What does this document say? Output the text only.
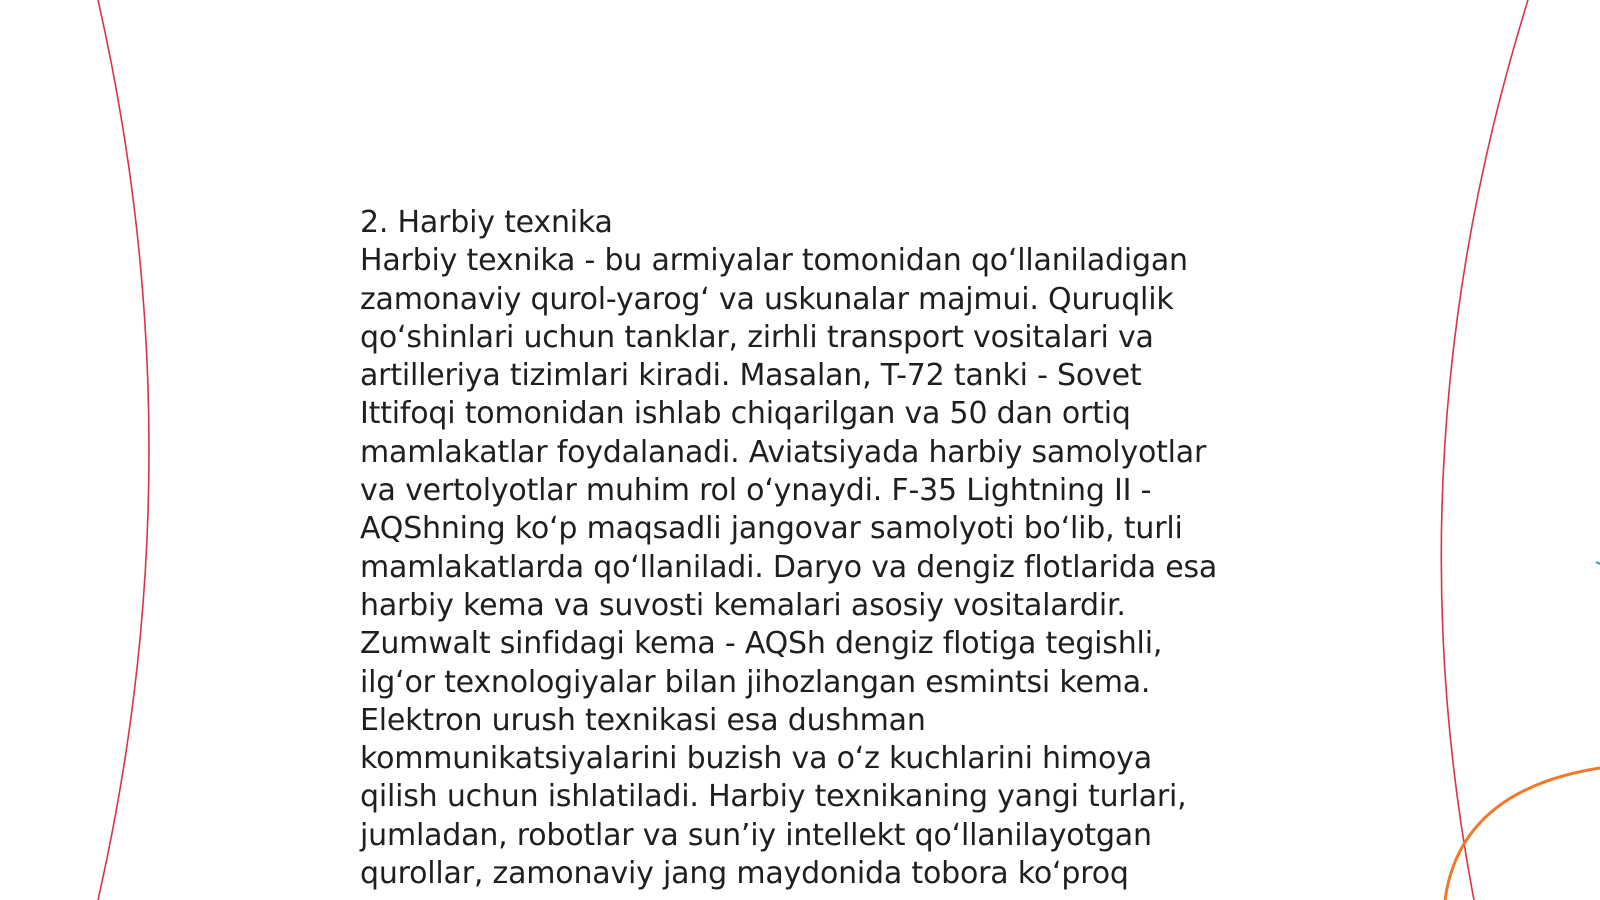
2. Harbiy texnika
Harbiy texnika - bu armiyalar tomonidan qoʻllaniladigan
zamonaviy qurol-yarogʻ va uskunalar majmui. Quruqlik
qoʻshinlari uchun tanklar, zirhli transport vositalari va
artilleriya tizimlari kiradi. Masalan, T-72 tanki - Sovet
Ittifoqi tomonidan ishlab chiqarilgan va 50 dan ortiq
mamlakatlar foydalanadi. Aviatsiyada harbiy samolyotlar
va vertolyotlar muhim rol oʻynaydi. F-35 Lightning II -
AQShning koʻp maqsadli jangovar samolyoti boʻlib, turli
mamlakatlarda qoʻllaniladi. Daryo va dengiz flotlarida esa
harbiy kema va suvosti kemalari asosiy vositalardir.
Zumwalt sinfidagi kema - AQSh dengiz flotiga tegishli,
ilgʻor texnologiyalar bilan jihozlangan esmintsi kema.
Elektron urush texnikasi esa dushman
kommunikatsiyalarini buzish va oʻz kuchlarini himoya
qilish uchun ishlatiladi. Harbiy texnikaning yangi turlari,
jumladan, robotlar va sunʼiy intellekt qoʻllanilayotgan
qurollar, zamonaviy jang maydonida tobora koʻproq
